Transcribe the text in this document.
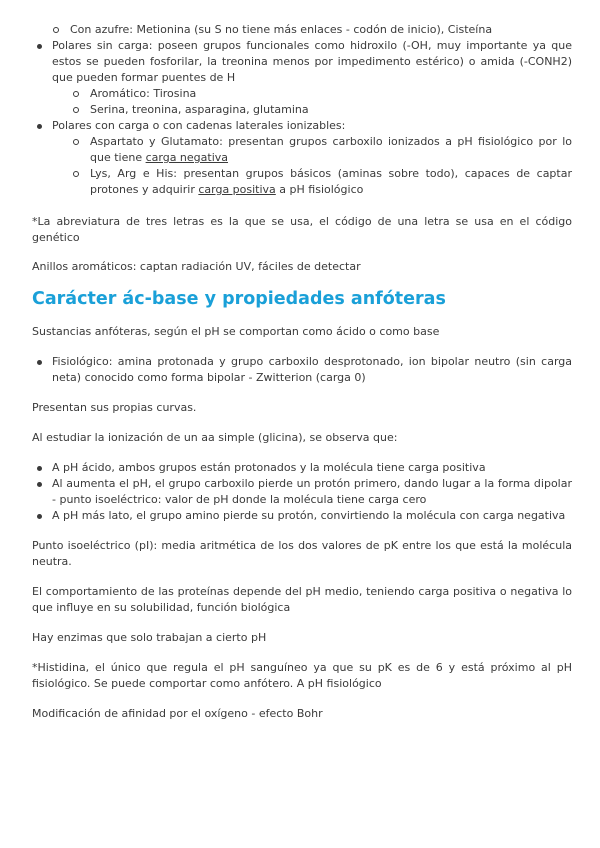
Con azufre: Metionina (su S no tiene más enlaces - codón de inicio), Cisteína
Polares sin carga: poseen grupos funcionales como hidroxilo (-OH, muy importante ya que estos se pueden fosforilar, la treonina menos por impedimento estérico) o amida (-CONH2) que pueden formar puentes de H
Aromático: Tirosina
Serina, treonina, asparagina, glutamina
Polares con carga o con cadenas laterales ionizables:
Aspartato y Glutamato: presentan grupos carboxilo ionizados a pH fisiológico por lo que tiene carga negativa
Lys, Arg e His: presentan grupos básicos (aminas sobre todo), capaces de captar protones y adquirir carga positiva a pH fisiológico

*La abreviatura de tres letras es la que se usa, el código de una letra se usa en el código genético

Anillos aromáticos: captan radiación UV, fáciles de detectar

Carácter ác-base y propiedades anfóteras

Sustancias anfóteras, según el pH se comportan como ácido o como base

Fisiológico: amina protonada y grupo carboxilo desprotonado, ion bipolar neutro (sin carga neta) conocido como forma bipolar - Zwitterion (carga 0)

Presentan sus propias curvas.

Al estudiar la ionización de un aa simple (glicina), se observa que:

A pH ácido, ambos grupos están protonados y la molécula tiene carga positiva
Al aumenta el pH, el grupo carboxilo pierde un protón primero, dando lugar a la forma dipolar - punto isoeléctrico: valor de pH donde la molécula tiene carga cero
A pH más lato, el grupo amino pierde su protón, convirtiendo la molécula con carga negativa

Punto isoeléctrico (pI): media aritmética de los dos valores de pK entre los que está la molécula neutra.

El comportamiento de las proteínas depende del pH medio, teniendo carga positiva o negativa lo que influye en su solubilidad, función biológica

Hay enzimas que solo trabajan a cierto pH

*Histidina, el único que regula el pH sanguíneo ya que su pK es de 6 y está próximo al pH fisiológico. Se puede comportar como anfótero. A pH fisiológico

Modificación de afinidad por el oxígeno - efecto Bohr
